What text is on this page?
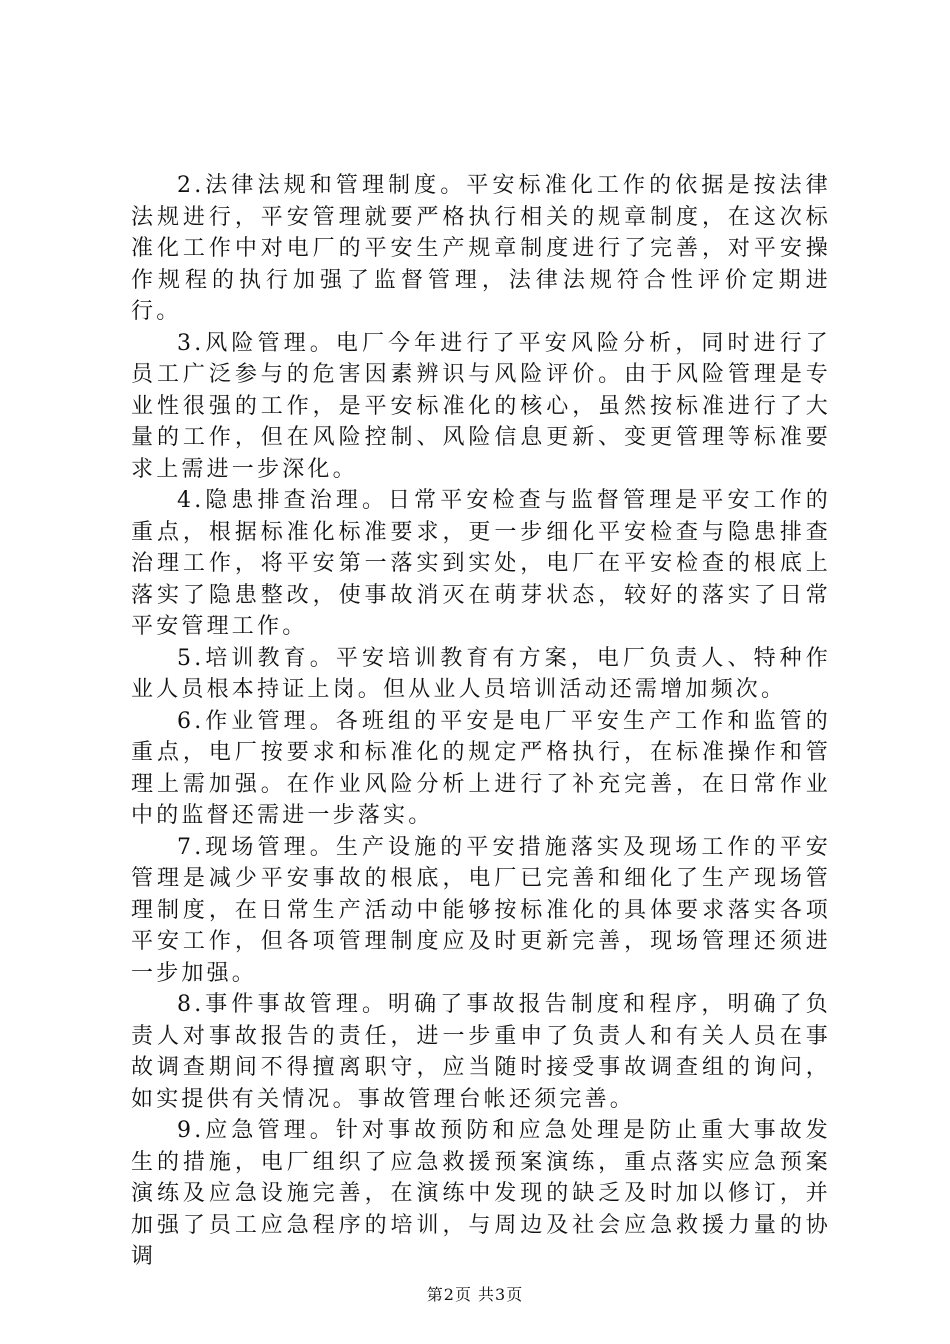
2.法律法规和管理制度。平安标准化工作的依据是按法律法规进行，平安管理就要严格执行相关的规章制度，在这次标准化工作中对电厂的平安生产规章制度进行了完善，对平安操作规程的执行加强了监督管理，法律法规符合性评价定期进行。

3.风险管理。电厂今年进行了平安风险分析，同时进行了员工广泛参与的危害因素辨识与风险评价。由于风险管理是专业性很强的工作，是平安标准化的核心，虽然按标准进行了大量的工作，但在风险控制、风险信息更新、变更管理等标准要求上需进一步深化。

4.隐患排查治理。日常平安检查与监督管理是平安工作的重点，根据标准化标准要求，更一步细化平安检查与隐患排查治理工作，将平安第一落实到实处，电厂在平安检查的根底上落实了隐患整改，使事故消灭在萌芽状态，较好的落实了日常平安管理工作。

5.培训教育。平安培训教育有方案，电厂负责人、特种作业人员根本持证上岗。但从业人员培训活动还需增加频次。

6.作业管理。各班组的平安是电厂平安生产工作和监管的重点，电厂按要求和标准化的规定严格执行，在标准操作和管理上需加强。在作业风险分析上进行了补充完善，在日常作业中的监督还需进一步落实。

7.现场管理。生产设施的平安措施落实及现场工作的平安管理是减少平安事故的根底，电厂已完善和细化了生产现场管理制度，在日常生产活动中能够按标准化的具体要求落实各项平安工作，但各项管理制度应及时更新完善，现场管理还须进一步加强。

8.事件事故管理。明确了事故报告制度和程序，明确了负责人对事故报告的责任，进一步重申了负责人和有关人员在事故调查期间不得擅离职守，应当随时接受事故调查组的询问，如实提供有关情况。事故管理台帐还须完善。

9.应急管理。针对事故预防和应急处理是防止重大事故发生的措施，电厂组织了应急救援预案演练，重点落实应急预案演练及应急设施完善，在演练中发现的缺乏及时加以修订，并加强了员工应急程序的培训，与周边及社会应急救援力量的协调

第2页 共3页
